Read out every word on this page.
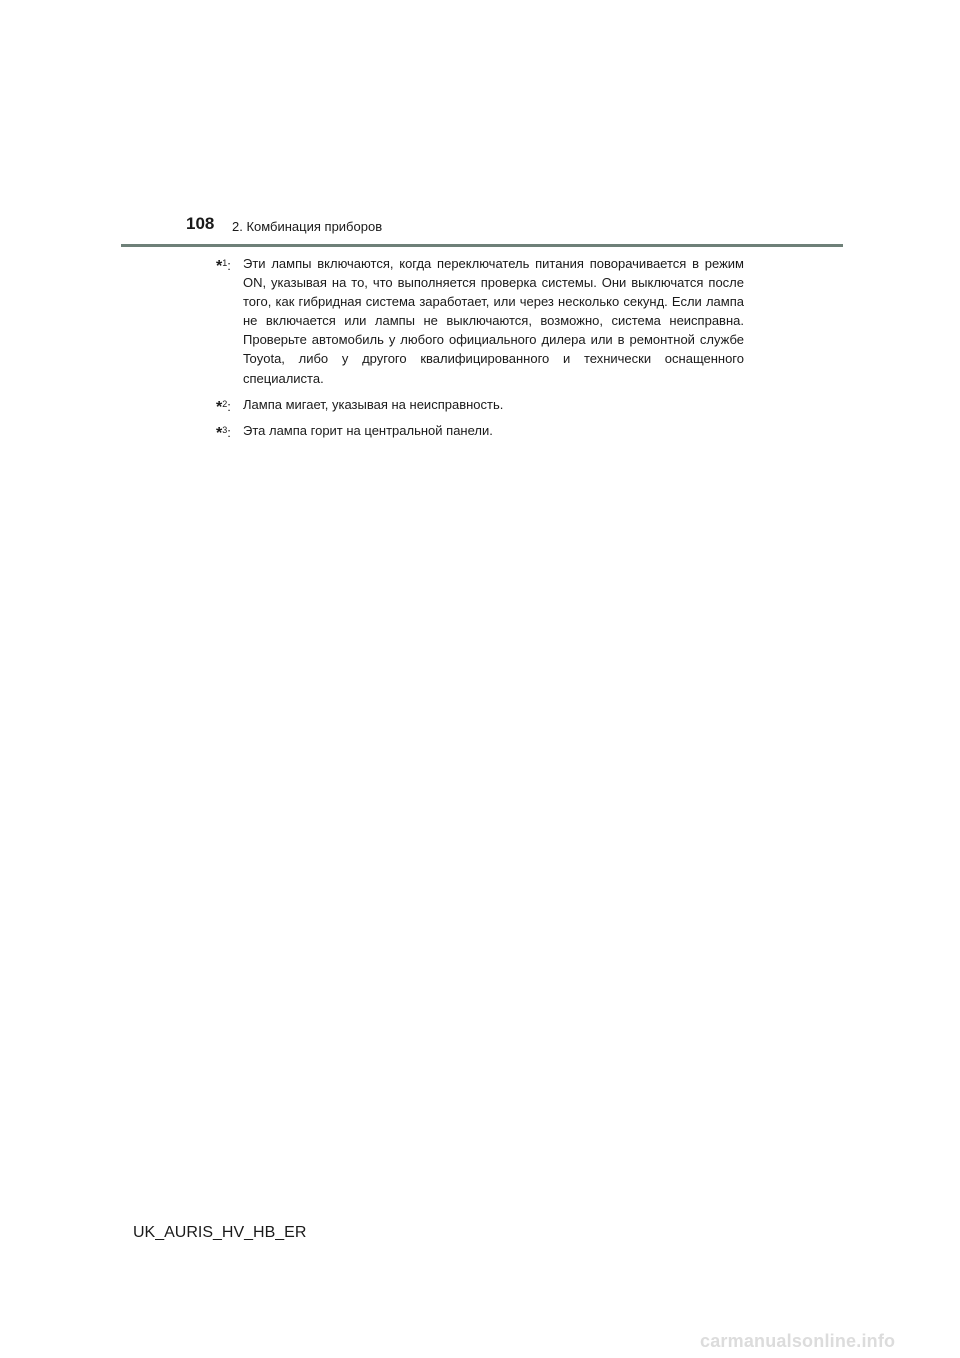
108 2. Комбинация приборов
*$^1$: Эти лампы включаются, когда переключатель питания поворачивается в режим ON, указывая на то, что выполняется проверка системы. Они выключатся после того, как гибридная система заработает, или через несколько секунд. Если лампа не включается или лампы не выключаются, возможно, система неисправна. Проверьте автомобиль у любого официального дилера или в ремонтной службе Toyota, либо у другого квалифицированного и технически оснащенного специалиста.
*$^2$: Лампа мигает, указывая на неисправность.
*$^3$: Эта лампа горит на центральной панели.
UK_AURIS_HV_HB_ER
carmanualsonline.info
